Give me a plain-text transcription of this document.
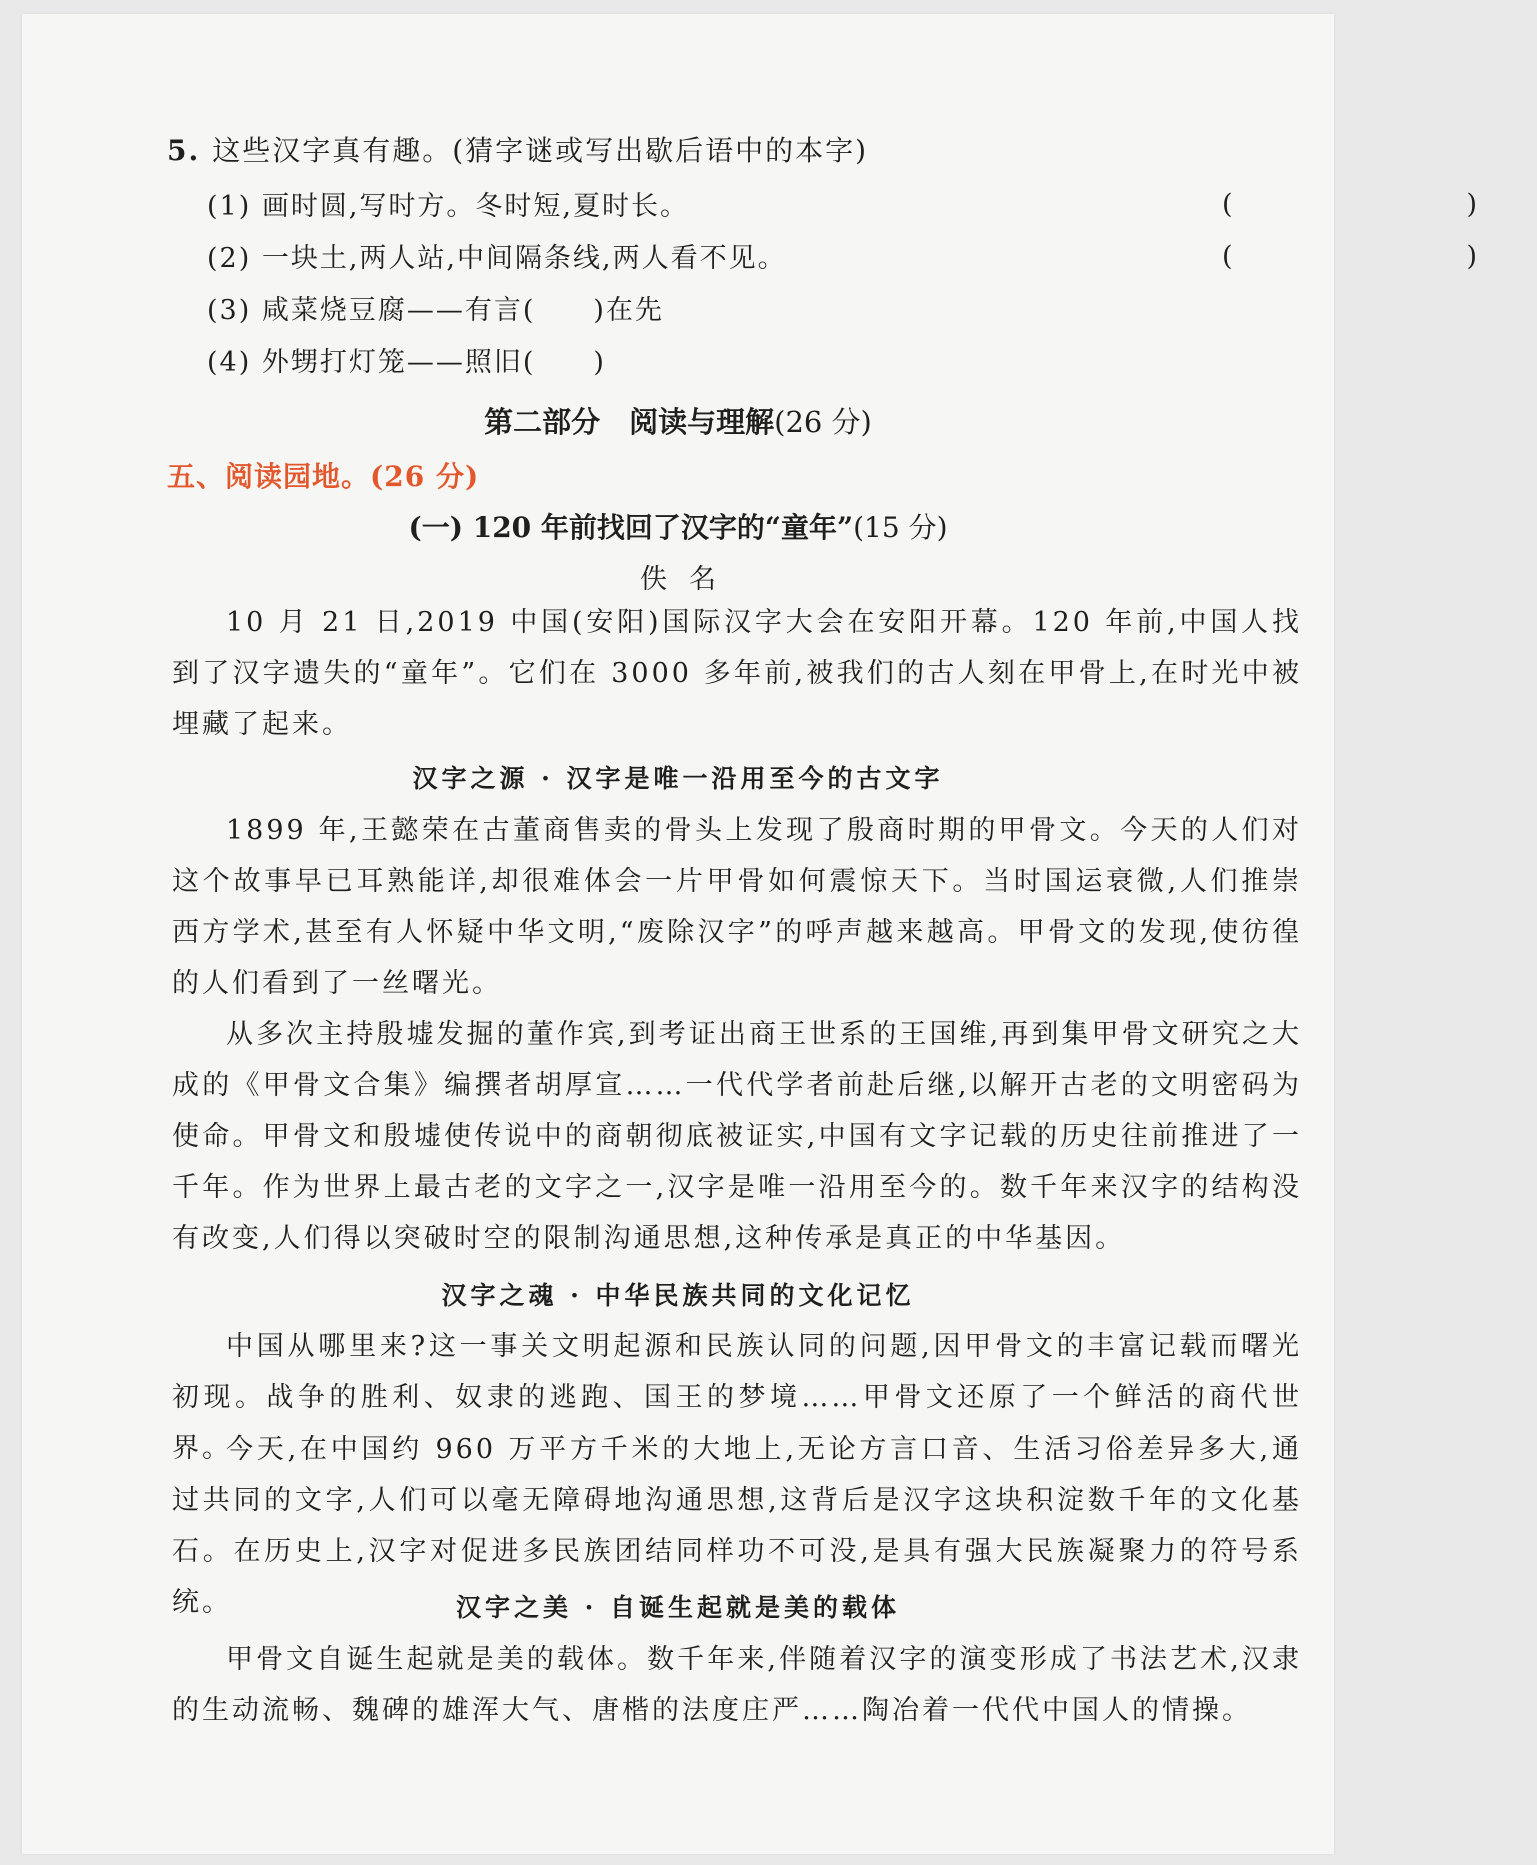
5. 这些汉字真有趣。(猜字谜或写出歇后语中的本字)
(1) 画时圆,写时方。冬时短,夏时长。	(　　)
(2) 一块土,两人站,中间隔条线,两人看不见。	(　　)
(3) 咸菜烧豆腐——有言(　　)在先
(4) 外甥打灯笼——照旧(　　)
第二部分　阅读与理解(26 分)
五、阅读园地。(26 分)
(一) 120 年前找回了汉字的“童年”(15 分)
佚名

10 月 21 日,2019 中国(安阳)国际汉字大会在安阳开幕。120 年前,中国人找到了汉字遗失的“童年”。它们在 3000 多年前,被我们的古人刻在甲骨上,在时光中被埋藏了起来。

汉字之源 · 汉字是唯一沿用至今的古文字

1899 年,王懿荣在古董商售卖的骨头上发现了殷商时期的甲骨文。今天的人们对这个故事早已耳熟能详,却很难体会一片甲骨如何震惊天下。当时国运衰微,人们推崇西方学术,甚至有人怀疑中华文明,“废除汉字”的呼声越来越高。甲骨文的发现,使彷徨的人们看到了一丝曙光。

从多次主持殷墟发掘的董作宾,到考证出商王世系的王国维,再到集甲骨文研究之大成的《甲骨文合集》编撰者胡厚宣……一代代学者前赴后继,以解开古老的文明密码为使命。甲骨文和殷墟使传说中的商朝彻底被证实,中国有文字记载的历史往前推进了一千年。作为世界上最古老的文字之一,汉字是唯一沿用至今的。数千年来汉字的结构没有改变,人们得以突破时空的限制沟通思想,这种传承是真正的中华基因。

汉字之魂 · 中华民族共同的文化记忆

中国从哪里来?这一事关文明起源和民族认同的问题,因甲骨文的丰富记载而曙光初现。战争的胜利、奴隶的逃跑、国王的梦境……甲骨文还原了一个鲜活的商代世界。

今天,在中国约 960 万平方千米的大地上,无论方言口音、生活习俗差异多大,通过共同的文字,人们可以毫无障碍地沟通思想,这背后是汉字这块积淀数千年的文化基石。在历史上,汉字对促进多民族团结同样功不可没,是具有强大民族凝聚力的符号系统。	汉字之美 · 自诞生起就是美的载体

甲骨文自诞生起就是美的载体。数千年来,伴随着汉字的演变形成了书法艺术,汉隶的生动流畅、魏碑的雄浑大气、唐楷的法度庄严……陶冶着一代代中国人的情操。
